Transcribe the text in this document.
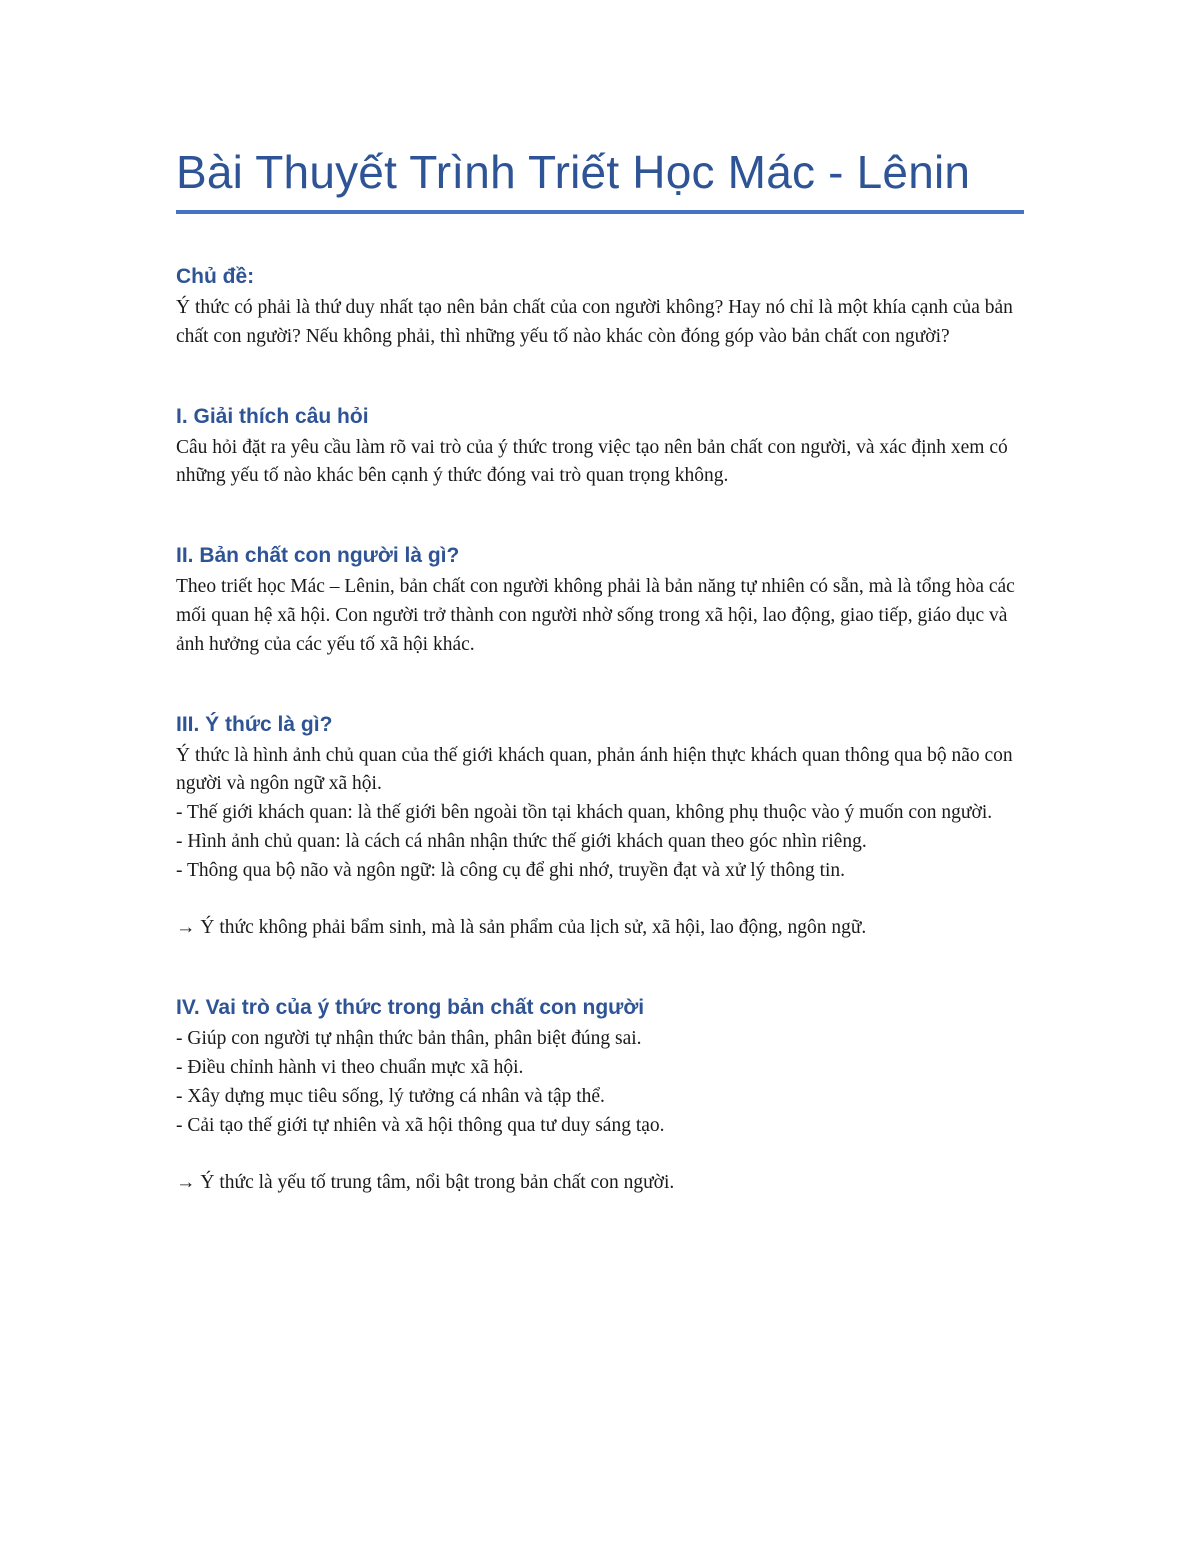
Bài Thuyết Trình Triết Học Mác - Lênin
Chủ đề:

Ý thức có phải là thứ duy nhất tạo nên bản chất của con người không? Hay nó chỉ là một khía cạnh của bản chất con người? Nếu không phải, thì những yếu tố nào khác còn đóng góp vào bản chất con người?

I. Giải thích câu hỏi

Câu hỏi đặt ra yêu cầu làm rõ vai trò của ý thức trong việc tạo nên bản chất con người, và xác định xem có những yếu tố nào khác bên cạnh ý thức đóng vai trò quan trọng không.

II. Bản chất con người là gì?

Theo triết học Mác – Lênin, bản chất con người không phải là bản năng tự nhiên có sẵn, mà là tổng hòa các mối quan hệ xã hội. Con người trở thành con người nhờ sống trong xã hội, lao động, giao tiếp, giáo dục và ảnh hưởng của các yếu tố xã hội khác.

III. Ý thức là gì?

Ý thức là hình ảnh chủ quan của thế giới khách quan, phản ánh hiện thực khách quan thông qua bộ não con người và ngôn ngữ xã hội.

- Thế giới khách quan: là thế giới bên ngoài tồn tại khách quan, không phụ thuộc vào ý muốn con người.

- Hình ảnh chủ quan: là cách cá nhân nhận thức thế giới khách quan theo góc nhìn riêng.

- Thông qua bộ não và ngôn ngữ: là công cụ để ghi nhớ, truyền đạt và xử lý thông tin.

→ Ý thức không phải bẩm sinh, mà là sản phẩm của lịch sử, xã hội, lao động, ngôn ngữ.

IV. Vai trò của ý thức trong bản chất con người

- Giúp con người tự nhận thức bản thân, phân biệt đúng sai.

- Điều chỉnh hành vi theo chuẩn mực xã hội.

- Xây dựng mục tiêu sống, lý tưởng cá nhân và tập thể.

- Cải tạo thế giới tự nhiên và xã hội thông qua tư duy sáng tạo.

→ Ý thức là yếu tố trung tâm, nổi bật trong bản chất con người.
